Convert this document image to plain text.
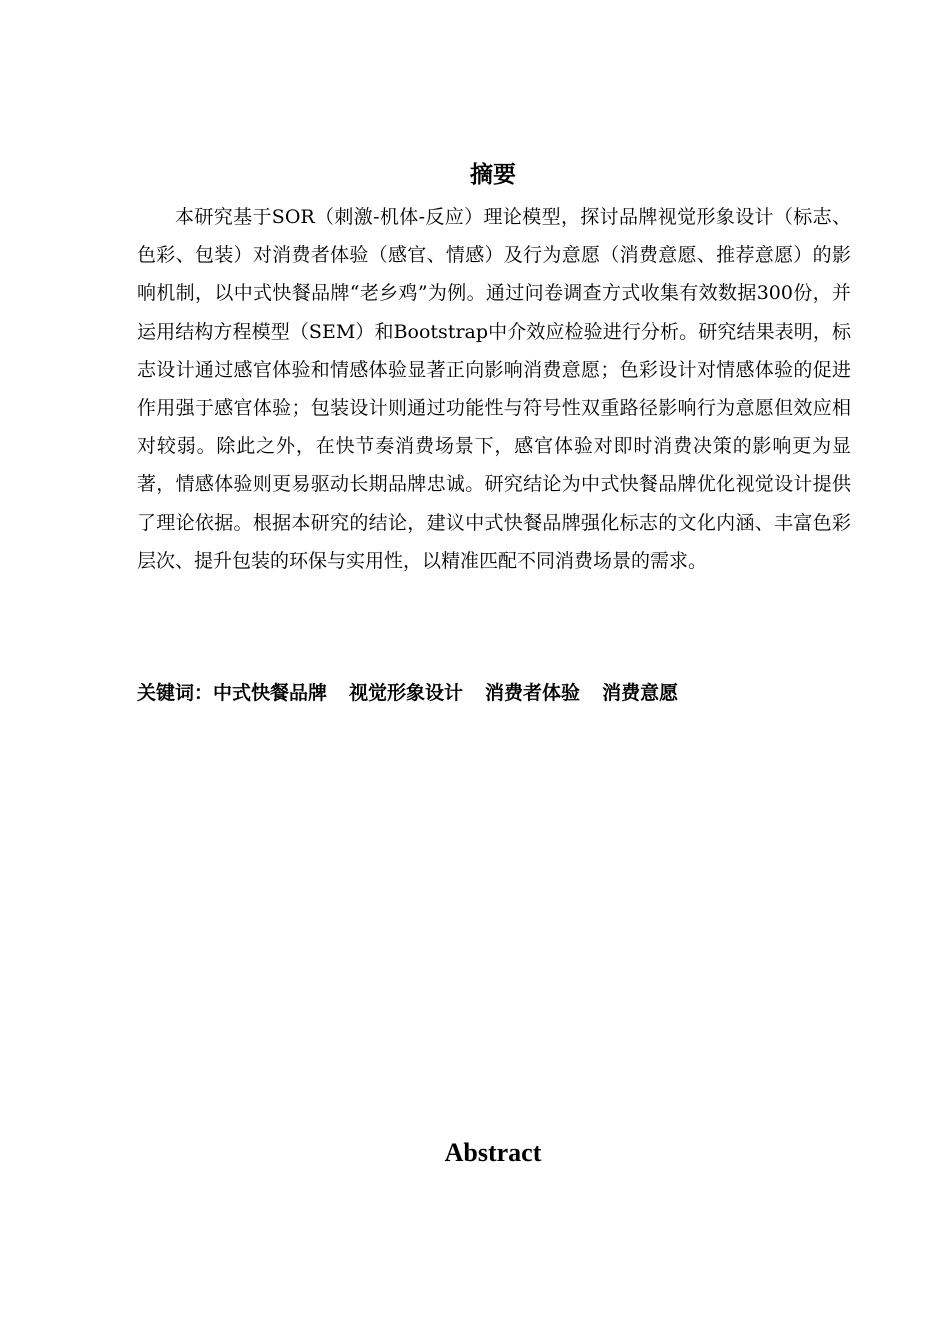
摘要

本研究基于SOR（刺激-机体-反应）理论模型，探讨品牌视觉形象设计（标志、色彩、包装）对消费者体验（感官、情感）及行为意愿（消费意愿、推荐意愿）的影响机制，以中式快餐品牌“老乡鸡”为例。通过问卷调查方式收集有效数据300份，并运用结构方程模型（SEM）和Bootstrap中介效应检验进行分析。研究结果表明，标志设计通过感官体验和情感体验显著正向影响消费意愿；色彩设计对情感体验的促进作用强于感官体验；包装设计则通过功能性与符号性双重路径影响行为意愿但效应相对较弱。除此之外，在快节奏消费场景下，感官体验对即时消费决策的影响更为显著，情感体验则更易驱动长期品牌忠诚。研究结论为中式快餐品牌优化视觉设计提供了理论依据。根据本研究的结论，建议中式快餐品牌强化标志的文化内涵、丰富色彩层次、提升包装的环保与实用性，以精准匹配不同消费场景的需求。

关键词：中式快餐品牌 视觉形象设计 消费者体验 消费意愿

Abstract
